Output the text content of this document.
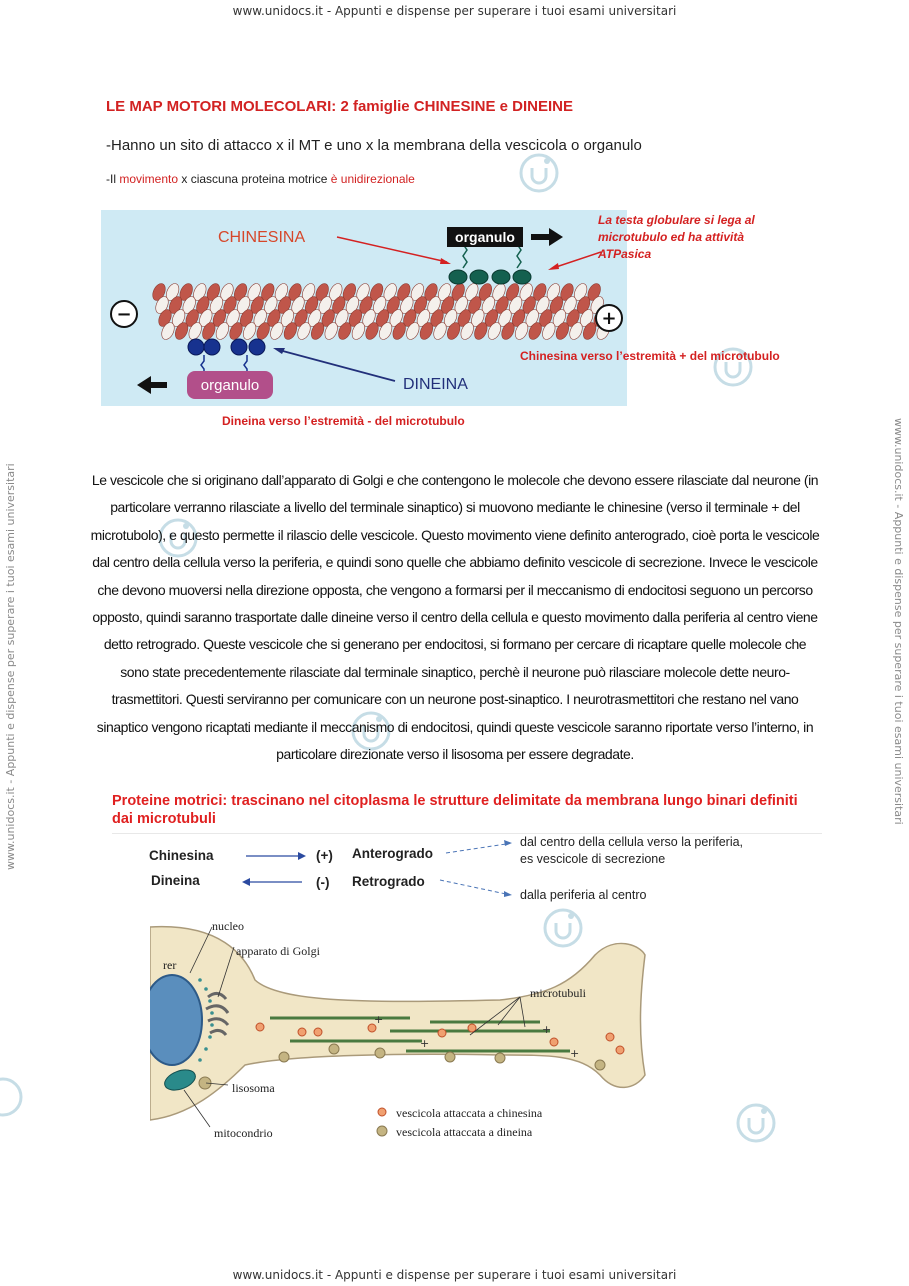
www.unidocs.it - Appunti e dispense per superare i tuoi esami universitari
www.unidocs.it - Appunti e dispense per superare i tuoi esami universitari
www.unidocs.it - Appunti e dispense per superare i tuoi esami universitari	www.unidocs.it - Appunti e dispense per superare i tuoi esami universitari
LE MAP MOTORI MOLECOLARI: 2 famiglie CHINESINE e DINEINE
-Hanno un sito di attacco x il MT e uno x la membrana della vescicola o organulo
-Il movimento x ciascuna proteina motrice è unidirezionale
organulo
CHINESINA
−	+
organulo	DINEINA
La testa globulare si lega al microtubulo ed ha attività ATPasica
Chinesina verso l’estremità + del microtubulo
Dineina verso l’estremità - del microtubulo
Le vescicole che si originano dall’apparato di Golgi e che contengono le molecole che devono essere rilasciate dal neurone (in particolare verranno rilasciate a livello del terminale sinaptico) si muovono mediante le chinesine (verso il terminale + del microtubolo), e questo permette il rilascio delle vescicole. Questo movimento viene definito anterogrado, cioè porta le vescicole dal centro della cellula verso la periferia, e quindi sono quelle che abbiamo definito vescicole di secrezione. Invece le vescicole che devono muoversi nella direzione opposta, che vengono a formarsi per il meccanismo di endocitosi seguono un percorso opposto, quindi saranno trasportate dalle dineine verso il centro della cellula e questo movimento dalla periferia al centro viene detto retrogrado. Queste vescicole che si generano per endocitosi, si formano per cercare di ricaptare quelle molecole che sono state precedentemente rilasciate dal terminale sinaptico, perchè il neurone può rilasciare molecole dette neuro-trasmettitori. Questi serviranno per comunicare con un neurone post-sinaptico. I neurotrasmettitori che restano nel vano sinaptico vengono ricaptati mediante il meccanismo di endocitosi, quindi queste vescicole saranno riportate verso l’interno, in particolare direzionate verso il lisosoma per essere degradate.
Proteine motrici: trascinano nel citoplasma le strutture delimitate da membrana lungo binari definiti dai microtubuli
Chinesina	(+) Anterogrado
Dineina	(-) Retrogrado
dal centro della cellula verso la periferia, es vescicole di secrezione
dalla periferia al centro
+
+
+
+
nucleo
apparato di Golgi
rer
microtubuli
lisosoma
mitocondrio
vescicola attaccata a chinesina
vescicola attaccata a dineina
